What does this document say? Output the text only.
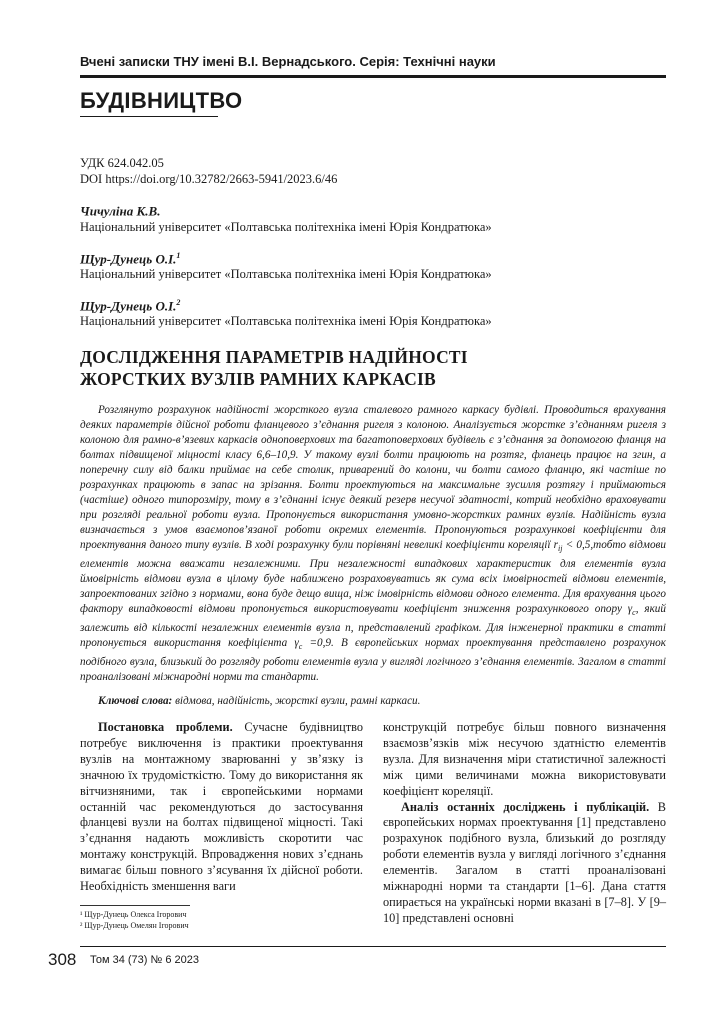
Вчені записки ТНУ імені В.І. Вернадського. Серія: Технічні науки
БУДІВНИЦТВО
УДК 624.042.05
DOI https://doi.org/10.32782/2663-5941/2023.6/46
Чичуліна К.В.
Національний університет «Полтавська політехніка імені Юрія Кондратюка»
Щур-Дунець О.І.$^1$
Національний університет «Полтавська політехніка імені Юрія Кондратюка»
Щур-Дунець О.І.$^2$
Національний університет «Полтавська політехніка імені Юрія Кондратюка»
ДОСЛІДЖЕННЯ ПАРАМЕТРІВ НАДІЙНОСТІ
ЖОРСТКИХ ВУЗЛІВ РАМНИХ КАРКАСІВ

Розглянуто розрахунок надійності жорсткого вузла сталевого рамного каркасу будівлі. Проводиться врахування деяких параметрів дійсної роботи фланцевого з’єднання ригеля з колоною. Аналізується жорстке з’єднанням ригеля з колоною для рамно-в’язевих каркасів одноповерхових та багатоповерхових будівель є з’єднання за допомогою фланця на болтах підвищеної міцності класу 6,6–10,9. У такому вузлі болти працюють на розтяг, фланець працює на згин, а поперечну силу від балки приймає на себе столик, приварений до колони, чи болти самого фланцю, які частіше по розрахунках працюють в запас на зрізання. Болти проектуються на максимальне зусилля розтягу і приймаються (частіше) одного типорозміру, тому в з’єднанні існує деякий резерв несучої здатності, котрий необхідно враховувати при розгляді реальної роботи вузла. Пропонується використання умовно-жорстких рамних вузлів. Надійність вузла визначається з умов взаємопов’язаної роботи окремих елементів. Пропонуються розрахункові коефіцієнти для проектування даного типу вузлів. В ході розрахунку були порівняні невеликі коефіцієнти кореляції $r_{ij}$ < 0,5,тобто відмови елементів можна вважати незалежними. При незалежності випадкових характеристик для елементів вузла ймовірність відмови вузла в цілому буде наближено розраховуватись як сума всіх імовірностей відмови елементів, запроектованих згідно з нормами, вона буде дещо вища, ніж імовірність відмови одного елемента. Для врахування цього фактору випадковості відмови пропонується використовувати коефіцієнт зниження розрахункового опору $\gamma_с$, який залежить від кількості незалежних елементів вузла n, представлений графіком. Для інженерної практики в статті пропонується використання коефіцієнта $\gamma_с =0,9$. В європейських нормах проектування представлено розрахунок подібного вузла, близький до розгляду роботи елементів вузла у вигляді логічного з’єднання елементів. Загалом в статті проаналізовані міжнародні норми та стандарти.

Ключові слова: відмова, надійність, жорсткі вузли, рамні каркаси.

Постановка проблеми. Сучасне будівництво потребує виключення із практики проектування вузлів на монтажному зварюванні у зв’язку із значною їх трудомісткістю. Тому до використання як вітчизняними, так і європейськими нормами останній час рекомендуються до застосування фланцеві вузли на болтах підвищеної міцності. Такі з’єднання надають можливість скоротити час монтажу конструкцій. Впровадження нових з’єднань вимагає більш повного з’ясування їх дійсної роботи. Необхідність зменшення ваги

конструкцій потребує більш повного визначення взаємозв’язків між несучою здатністю елементів вузла. Для визначення міри статистичної залежності між цими величинами можна використовувати коефіцієнт кореляції.

Аналіз останніх досліджень і публікацій. В європейських нормах проектування [1] представлено розрахунок подібного вузла, близький до розгляду роботи елементів вузла у вигляді логічного з’єднання елементів. Загалом в статті проаналізовані міжнародні норми та стандарти [1–6]. Дана стаття опирається на українські норми вказані в [7–8]. У [9–10] представлені основні

¹ Щур-Дунець Олекса Ігорович
² Щур-Дунець Омелян Ігорович
308 Том 34 (73) № 6 2023
